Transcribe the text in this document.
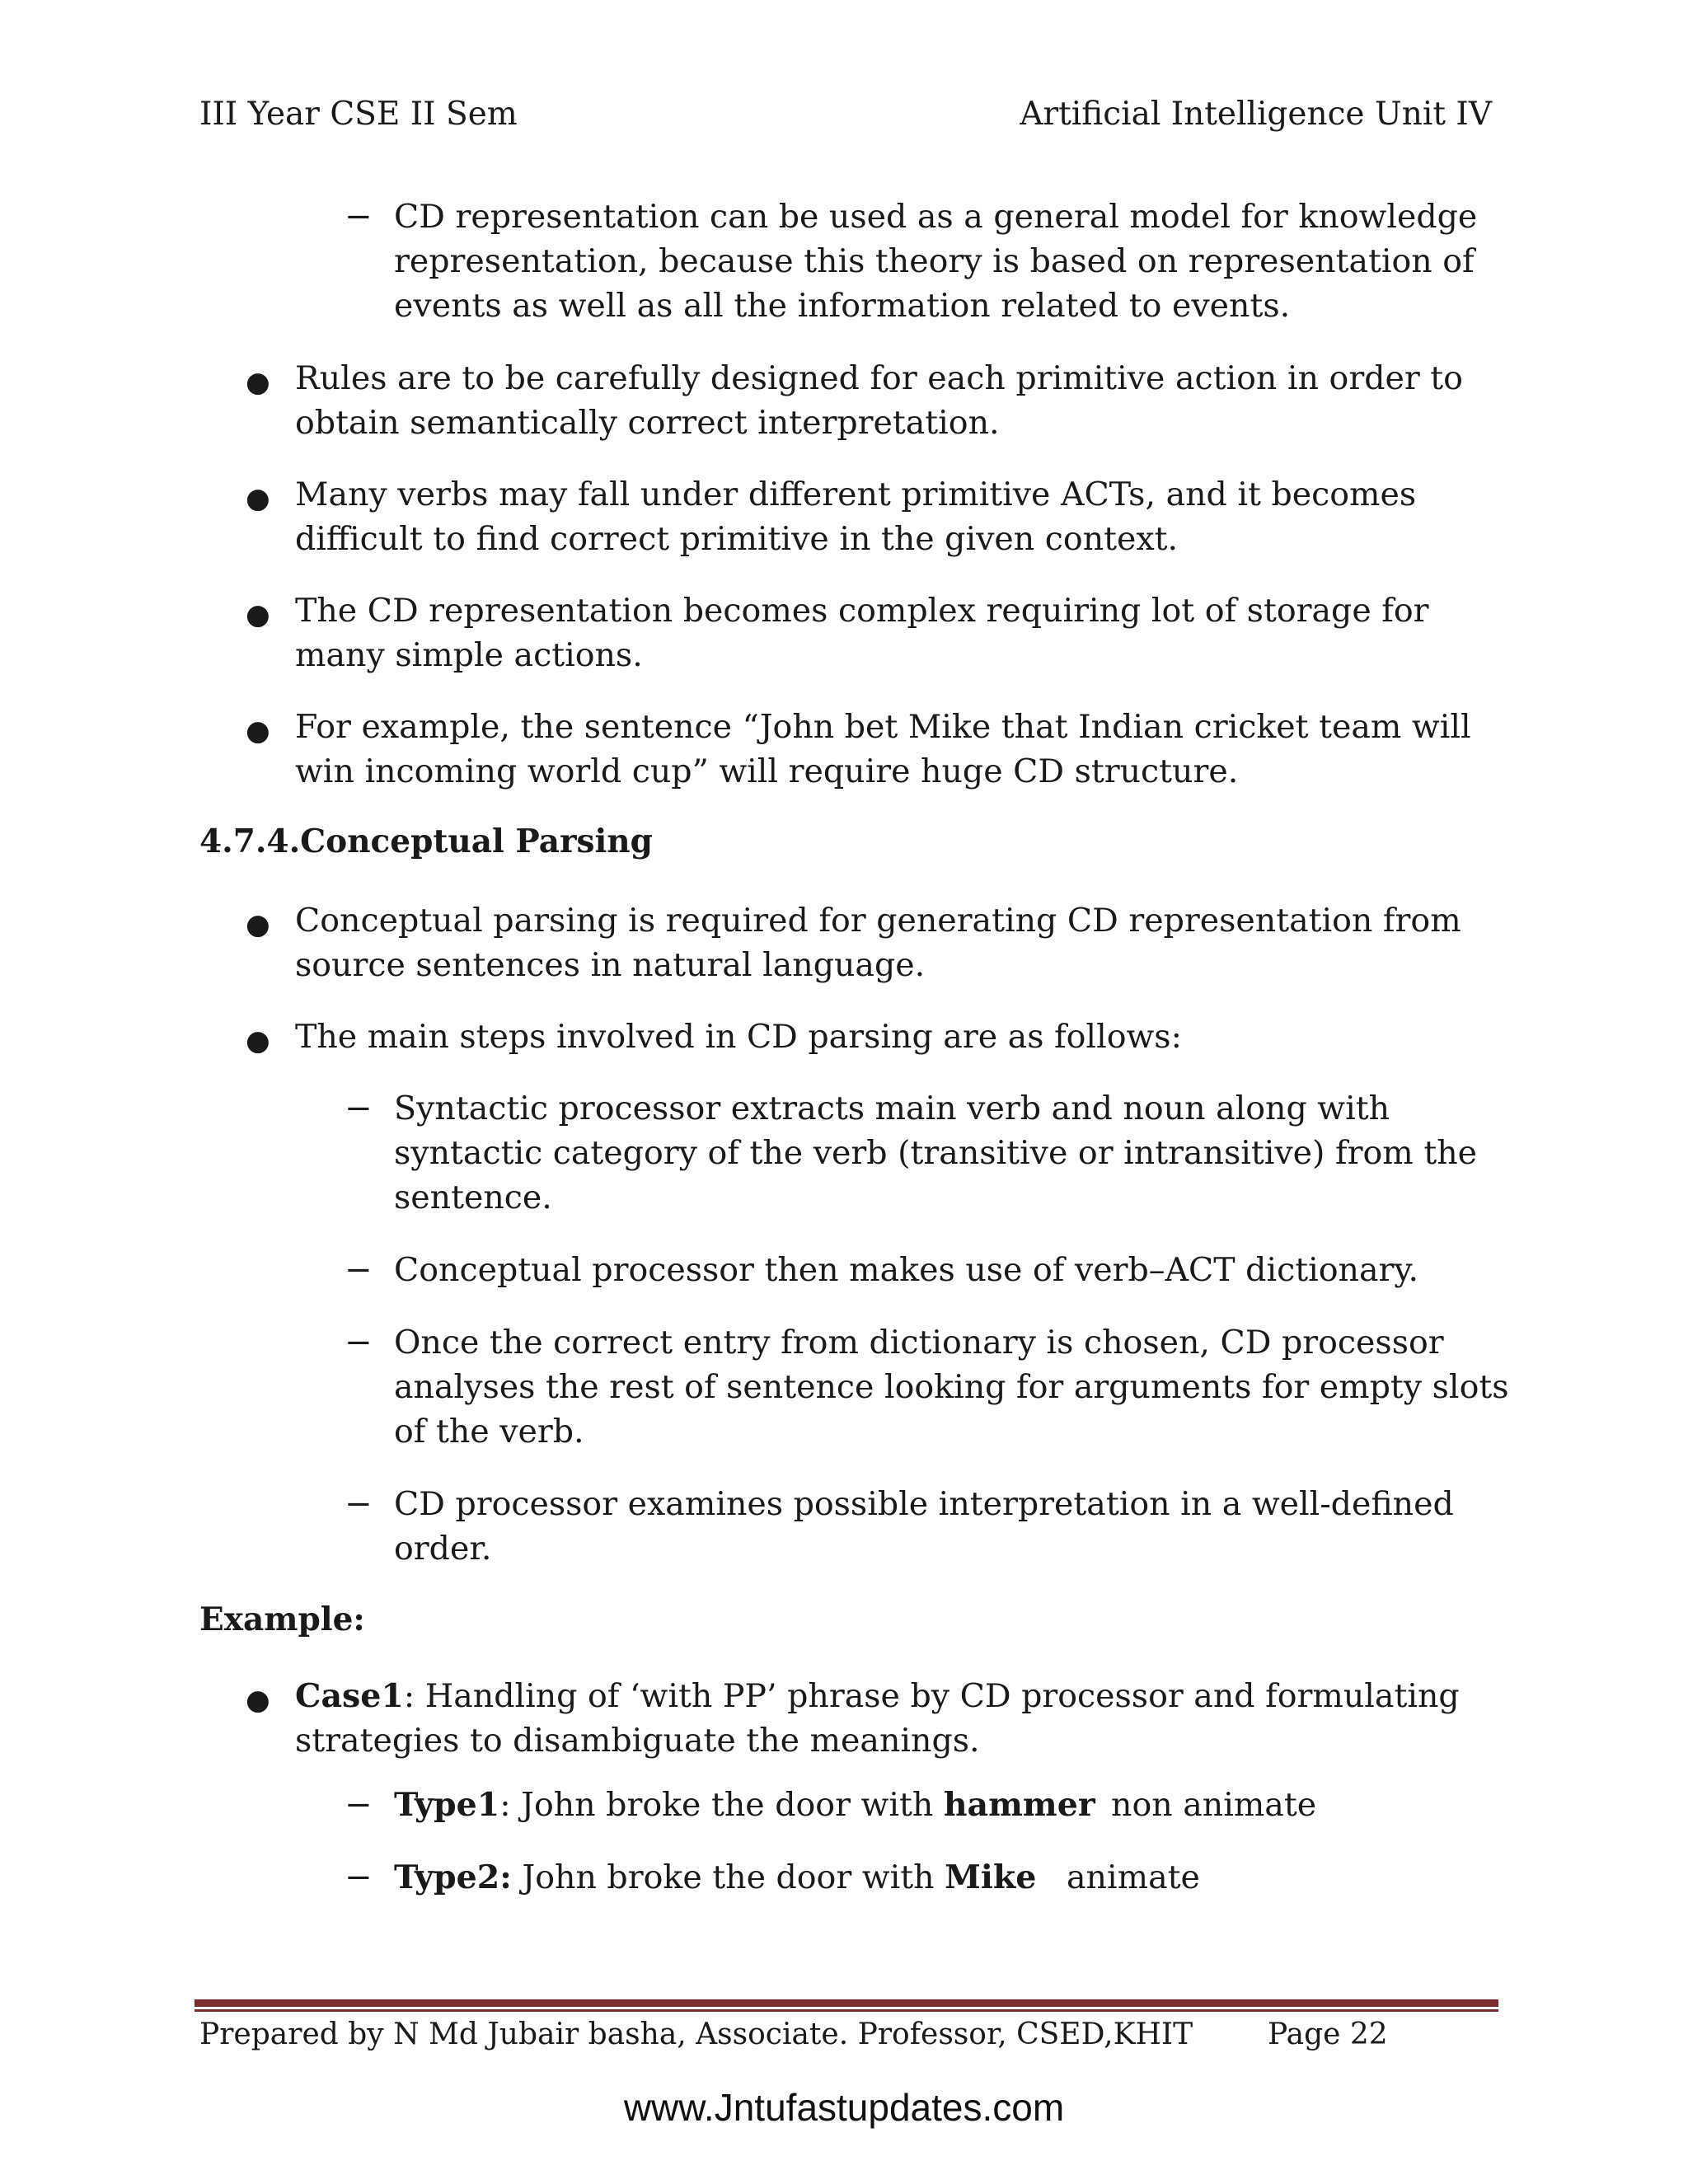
III Year CSE II Sem	Artificial Intelligence Unit IV
− CD representation can be used as a general model for knowledge
representation, because this theory is based on representation of
events as well as all the information related to events.
● Rules are to be carefully designed for each primitive action in order to
obtain semantically correct interpretation.
● Many verbs may fall under different primitive ACTs, and it becomes
difficult to find correct primitive in the given context.
● The CD representation becomes complex requiring lot of storage for
many simple actions.
● For example, the sentence “John bet Mike that Indian cricket team will
win incoming world cup” will require huge CD structure.
4.7.4.Conceptual Parsing
● Conceptual parsing is required for generating CD representation from
source sentences in natural language.
● The main steps involved in CD parsing are as follows:
− Syntactic processor extracts main verb and noun along with
syntactic category of the verb (transitive or intransitive) from the
sentence.
− Conceptual processor then makes use of verb–ACT dictionary.
− Once the correct entry from dictionary is chosen, CD processor
analyses the rest of sentence looking for arguments for empty slots
of the verb.
− CD processor examines possible interpretation in a well-defined
order.
Example:
● Case1: Handling of ‘with PP’ phrase by CD processor and formulating
strategies to disambiguate the meanings.
− Type1: John broke the door with hammer non animate
− Type2: John broke the door with Mike animate
Prepared by N Md Jubair basha, Associate. Professor, CSED,KHIT	Page 22
www.Jntufastupdates.com
